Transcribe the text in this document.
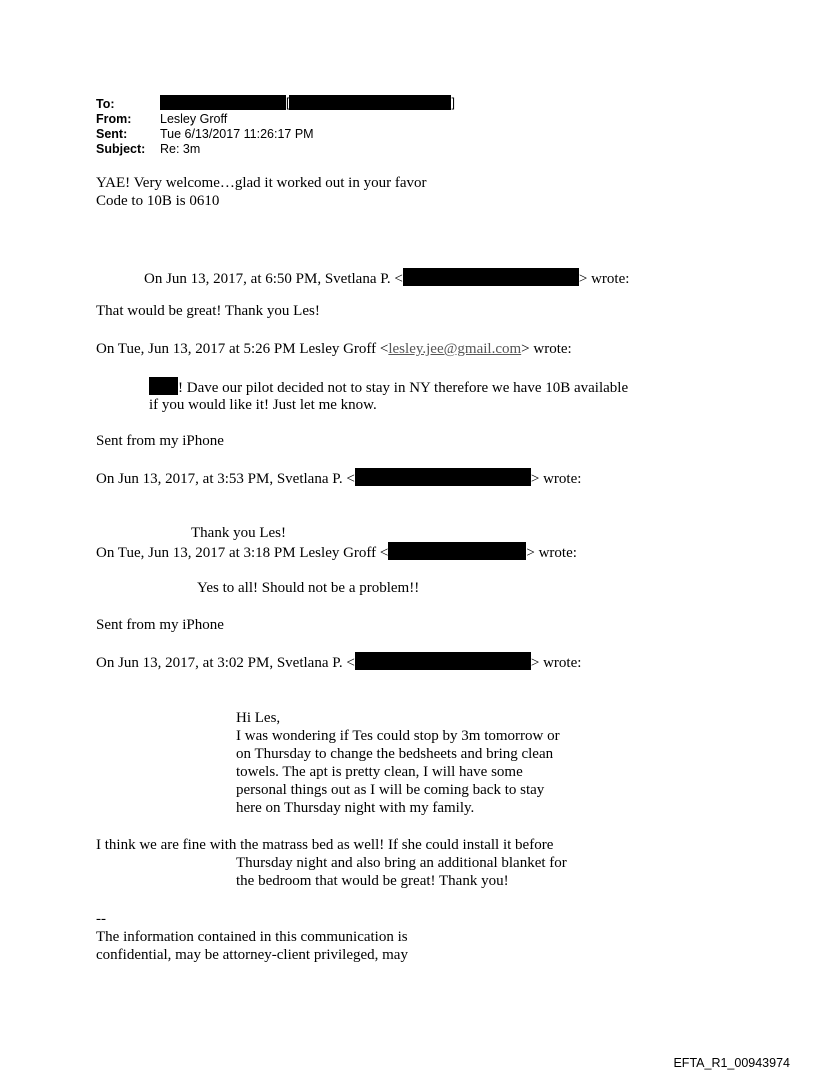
To:	[	]
From: Lesley Groff
Sent:	Tue 6/13/2017 11:26:17 PM
Subject: Re: 3m
YAE! Very welcome…glad it worked out in your favor
Code to 10B is 0610
On Jun 13, 2017, at 6:50 PM, Svetlana P. <	> wrote:
That would be great! Thank you Les!
On Tue, Jun 13, 2017 at 5:26 PM Lesley Groff <lesley.jee@gmail.com> wrote:
! Dave our pilot decided not to stay in NY therefore we have 10B available
if you would like it! Just let me know.
Sent from my iPhone
On Jun 13, 2017, at 3:53 PM, Svetlana P. <	> wrote:
Thank you Les!
On Tue, Jun 13, 2017 at 3:18 PM Lesley Groff <	> wrote:
Yes to all! Should not be a problem!!
Sent from my iPhone
On Jun 13, 2017, at 3:02 PM, Svetlana P. <	> wrote:
Hi Les,
I was wondering if Tes could stop by 3m tomorrow or
on Thursday to change the bedsheets and bring clean
towels. The apt is pretty clean, I will have some
personal things out as I will be coming back to stay
here on Thursday night with my family.
I think we are fine with the matrass bed as well! If she could install it before
Thursday night and also bring an additional blanket for
the bedroom that would be great! Thank you!
--
The information contained in this communication is
confidential, may be attorney-client privileged, may
EFTA_R1_00943974
